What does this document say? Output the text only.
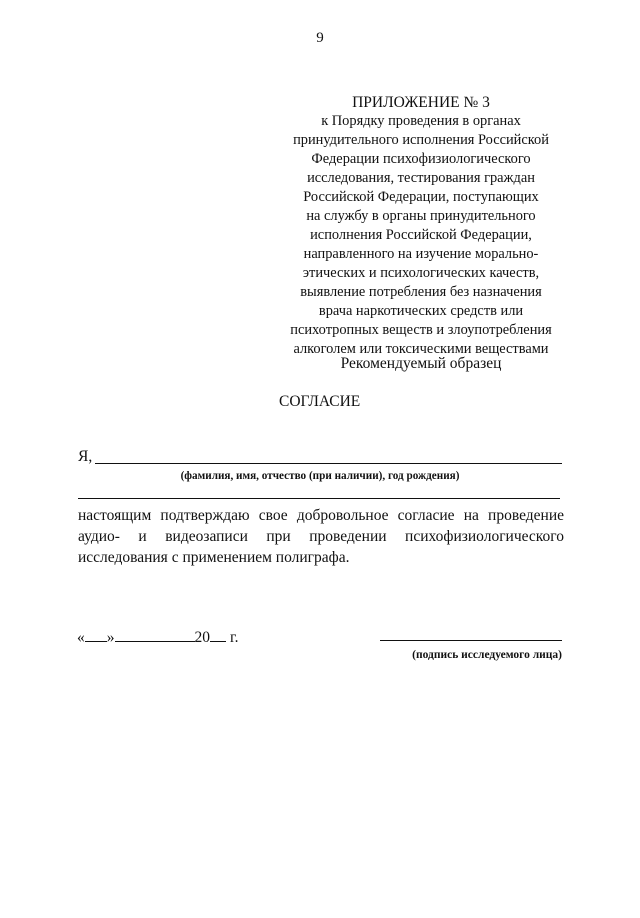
9
ПРИЛОЖЕНИЕ № 3
к Порядку проведения в органах
принудительного исполнения Российской
Федерации психофизиологического
исследования, тестирования граждан
Российской Федерации, поступающих
на службу в органы принудительного
исполнения Российской Федерации,
направленного на изучение морально-
этических и психологических качеств,
выявление потребления без назначения
врача наркотических средств или
психотропных веществ и злоупотребления
алкоголем или токсическими веществами
Рекомендуемый образец
СОГЛАСИЕ
Я,
(фамилия, имя, отчество (при наличии), год рождения)
настоящим подтверждаю свое добровольное согласие на проведение
аудио- и видеозаписи при проведении психофизиологического
исследования с применением полиграфа.
« »	20 г.
(подпись исследуемого лица)
